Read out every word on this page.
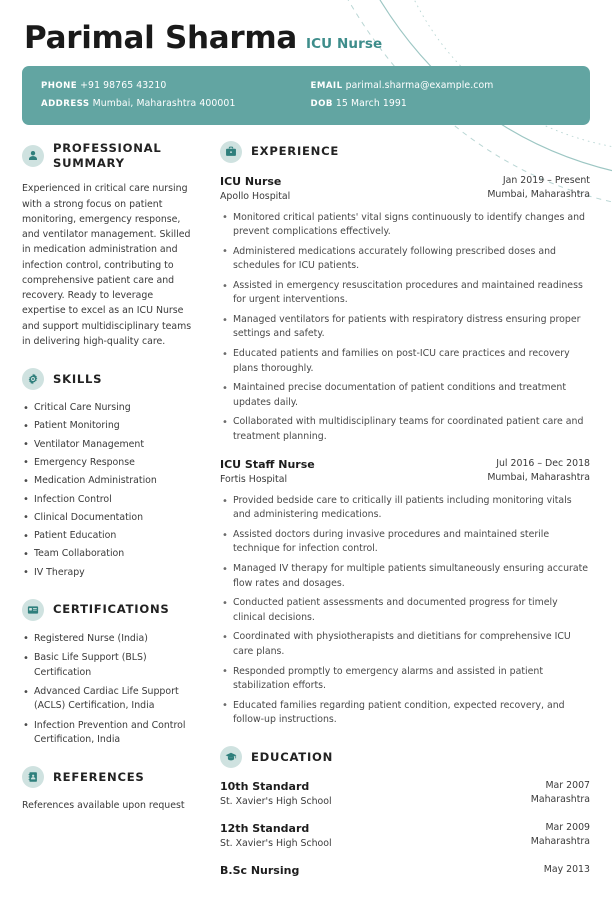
Parimal Sharma ICU Nurse
PHONE +91 98765 43210
ADDRESS Mumbai, Maharashtra 400001
EMAIL parimal.sharma@example.com
DOB 15 March 1991
PROFESSIONAL SUMMARY
Experienced in critical care nursing with a strong focus on patient monitoring, emergency response, and ventilator management. Skilled in medication administration and infection control, contributing to comprehensive patient care and recovery. Ready to leverage expertise to excel as an ICU Nurse and support multidisciplinary teams in delivering high-quality care.
SKILLS
• Critical Care Nursing
• Patient Monitoring
• Ventilator Management
• Emergency Response
• Medication Administration
• Infection Control
• Clinical Documentation
• Patient Education
• Team Collaboration
• IV Therapy
CERTIFICATIONS
• Registered Nurse (India)
• Basic Life Support (BLS) Certification
• Advanced Cardiac Life Support (ACLS) Certification, India
• Infection Prevention and Control Certification, India
REFERENCES
References available upon request
EXPERIENCE
ICU Nurse
Apollo Hospital
Jan 2019 – Present
Mumbai, Maharashtra
• Monitored critical patients' vital signs continuously to identify changes and prevent complications effectively.
• Administered medications accurately following prescribed doses and schedules for ICU patients.
• Assisted in emergency resuscitation procedures and maintained readiness for urgent interventions.
• Managed ventilators for patients with respiratory distress ensuring proper settings and safety.
• Educated patients and families on post-ICU care practices and recovery plans thoroughly.
• Maintained precise documentation of patient conditions and treatment updates daily.
• Collaborated with multidisciplinary teams for coordinated patient care and treatment planning.
ICU Staff Nurse
Fortis Hospital
Jul 2016 – Dec 2018
Mumbai, Maharashtra
• Provided bedside care to critically ill patients including monitoring vitals and administering medications.
• Assisted doctors during invasive procedures and maintained sterile technique for infection control.
• Managed IV therapy for multiple patients simultaneously ensuring accurate flow rates and dosages.
• Conducted patient assessments and documented progress for timely clinical decisions.
• Coordinated with physiotherapists and dietitians for comprehensive ICU care plans.
• Responded promptly to emergency alarms and assisted in patient stabilization efforts.
• Educated families regarding patient condition, expected recovery, and follow-up instructions.
EDUCATION
10th Standard
St. Xavier's High School
Mar 2007
Maharashtra
12th Standard
St. Xavier's High School
Mar 2009
Maharashtra
B.Sc Nursing	May 2013
